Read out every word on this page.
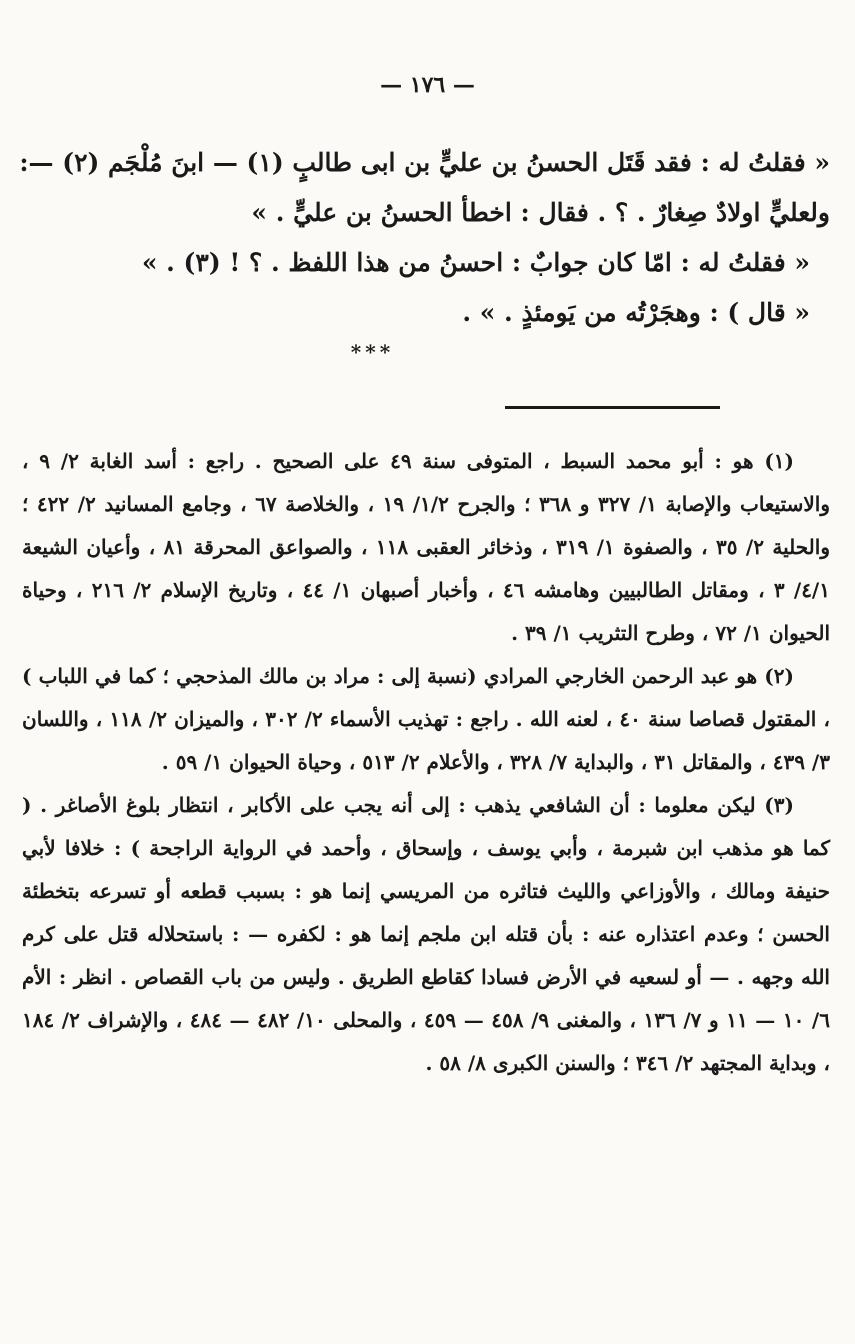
— ١٧٦ —

« فقلتُ له : فقد قَتَل الحسنُ بن عليٍّ بن ابى طالبٍ (١) — ابنَ مُلْجَم (٢) —:

ولعليٍّ اولادٌ صِغارٌ . ؟ . فقال : اخطأ الحسنُ بن عليٍّ . »

« فقلتُ له : امّا كان جوابٌ : احسنُ من هذا اللفظ . ؟ ! (٣) . »

« قال ) : وهجَرْتُه من يَومئذٍ . » .

***

(١) هو : أبو محمد السبط ، المتوفى سنة ٤٩ على الصحيح . راجع : أسد الغابة ٢/ ٩ ، والاستيعاب والإصابة ١/ ٣٢٧ و ٣٦٨ ؛ والجرح ١/٢/ ١٩ ، والخلاصة ٦٧ ، وجامع المسانيد ٢/ ٤٢٢ ؛ والحلية ٢/ ٣٥ ، والصفوة ١/ ٣١٩ ، وذخائر العقبى ١١٨ ، والصواعق المحرقة ٨١ ، وأعيان الشيعة ٤/١/ ٣ ، ومقاتل الطالبيين وهامشه ٤٦ ، وأخبار أصبهان ١/ ٤٤ ، وتاريخ الإسلام ٢/ ٢١٦ ، وحياة الحيوان ١/ ٧٢ ، وطرح التثريب ١/ ٣٩ .

(٢) هو عبد الرحمن الخارجي المرادي (نسبة إلى : مراد بن مالك المذحجي ؛ كما في اللباب ) ، المقتول قصاصا سنة ٤٠ ، لعنه الله . راجع : تهذيب الأسماء ٢/ ٣٠٢ ، والميزان ٢/ ١١٨ ، واللسان ٣/ ٤٣٩ ، والمقاتل ٣١ ، والبداية ٧/ ٣٢٨ ، والأعلام ٢/ ٥١٣ ، وحياة الحيوان ١/ ٥٩ .

(٣) ليكن معلوما : أن الشافعي يذهب : إلى أنه يجب على الأكابر ، انتظار بلوغ الأصاغر . ( كما هو مذهب ابن شبرمة ، وأبي يوسف ، وإسحاق ، وأحمد في الرواية الراجحة ) : خلافا لأبي حنيفة ومالك ، والأوزاعي والليث فتاثره من المريسي إنما هو : بسبب قطعه أو تسرعه بتخطئة الحسن ؛ وعدم اعتذاره عنه : بأن قتله ابن ملجم إنما هو : لكفره — : باستحلاله قتل على كرم الله وجهه . — أو لسعيه في الأرض فسادا كقاطع الطريق . وليس من باب القصاص . انظر : الأم ٦/ ١٠ — ١١ و ٧/ ١٣٦ ، والمغنى ٩/ ٤٥٨ — ٤٥٩ ، والمحلى ١٠/ ٤٨٢ — ٤٨٤ ، والإشراف ٢/ ١٨٤ ، وبداية المجتهد ٢/ ٣٤٦ ؛ والسنن الكبرى ٨/ ٥٨ .
